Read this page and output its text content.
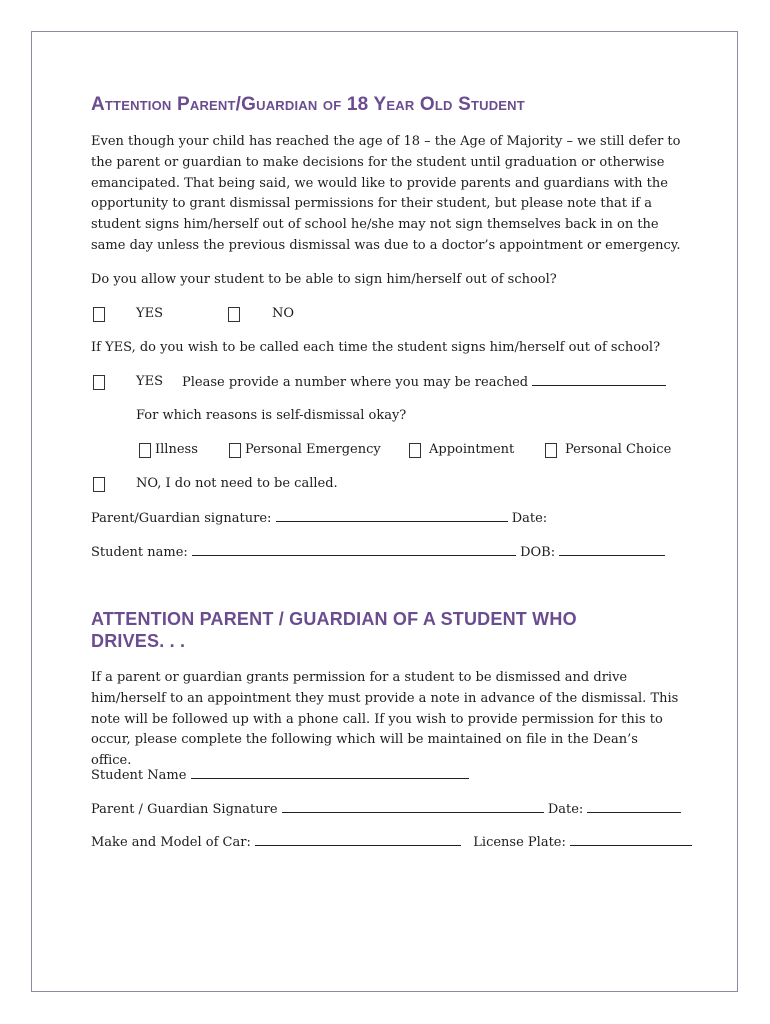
Attention Parent/Guardian of 18 Year Old Student

Even though your child has reached the age of 18 – the Age of Majority – we still defer to the parent or guardian to make decisions for the student until graduation or otherwise emancipated. That being said, we would like to provide parents and guardians with the opportunity to grant dismissal permissions for their student, but please note that if a student signs him/herself out of school he/she may not sign themselves back in on the same day unless the previous dismissal was due to a doctor’s appointment or emergency.

Do you allow your student to be able to sign him/herself out of school?
YES	NO
If YES, do you wish to be called each time the student signs him/herself out of school?
YES Please provide a number where you may be reached
For which reasons is self-dismissal okay?
Illness	Personal Emergency	Appointment	Personal Choice
NO, I do not need to be called.
Parent/Guardian signature:	Date:
Student name:	DOB:
ATTENTION PARENT / GUARDIAN OF A STUDENT WHO DRIVES. . .

If a parent or guardian grants permission for a student to be dismissed and drive him/herself to an appointment they must provide a note in advance of the dismissal. This note will be followed up with a phone call. If you wish to provide permission for this to occur, please complete the following which will be maintained on file in the Dean’s office.

Student Name
Parent / Guardian Signature	Date:
Make and Model of Car:	License Plate:
